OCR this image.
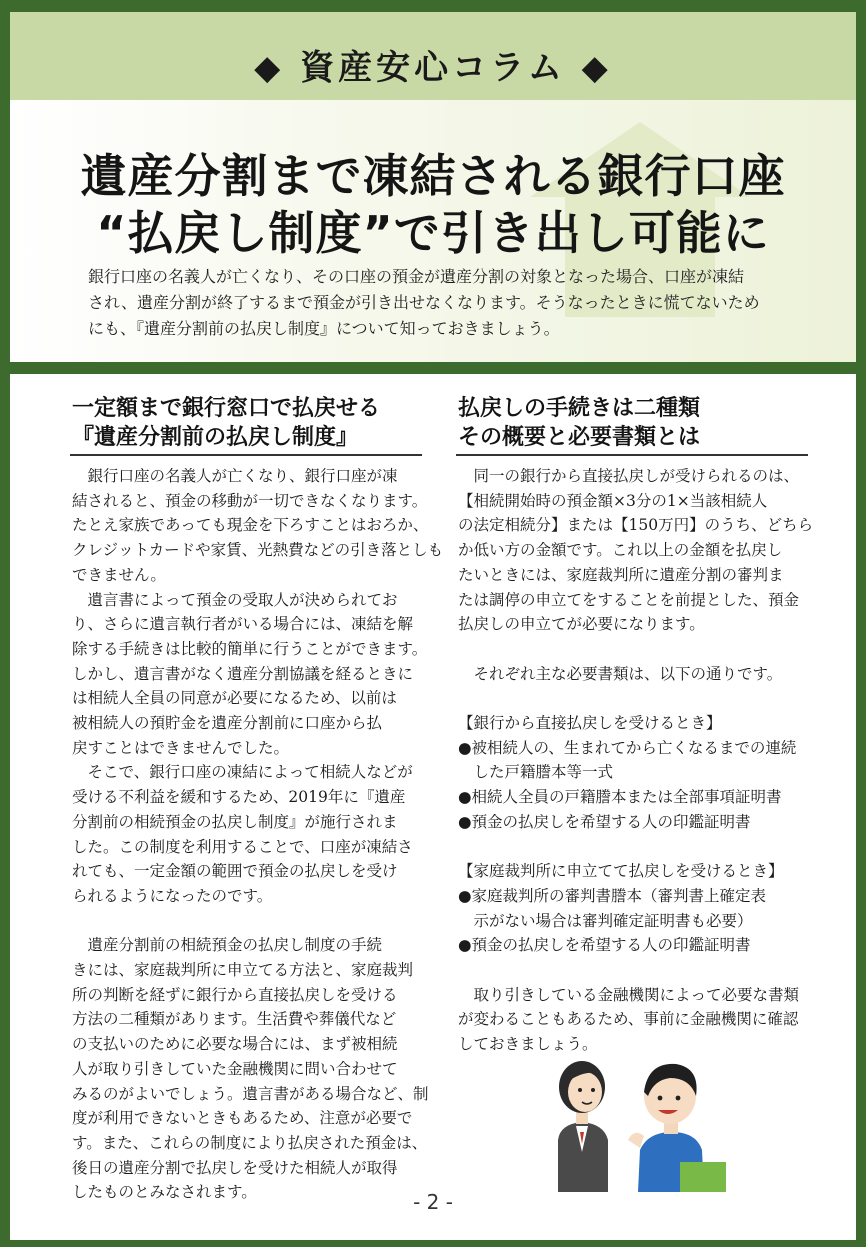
◆ 資産安心コラム ◆
遺産分割まで凍結される銀行口座
“払戻し制度”で引き出し可能に
銀行口座の名義人が亡くなり、その口座の預金が遺産分割の対象となった場合、口座が凍結
され、遺産分割が終了するまで預金が引き出せなくなります。そうなったときに慌てないため
にも、『遺産分割前の払戻し制度』について知っておきましょう。
一定額まで銀行窓口で払戻せる
『遺産分割前の払戻し制度』
　銀行口座の名義人が亡くなり、銀行口座が凍
結されると、預金の移動が一切できなくなります。
たとえ家族であっても現金を下ろすことはおろか、
クレジットカードや家賃、光熱費などの引き落としも
できません。
　遺言書によって預金の受取人が決められてお
り、さらに遺言執行者がいる場合には、凍結を解
除する手続きは比較的簡単に行うことができます。
しかし、遺言書がなく遺産分割協議を経るときに
は相続人全員の同意が必要になるため、以前は
被相続人の預貯金を遺産分割前に口座から払
戻すことはできませんでした。
　そこで、銀行口座の凍結によって相続人などが
受ける不利益を緩和するため、2019年に『遺産
分割前の相続預金の払戻し制度』が施行されま
した。この制度を利用することで、口座が凍結さ
れても、一定金額の範囲で預金の払戻しを受け
られるようになったのです。

　遺産分割前の相続預金の払戻し制度の手続
きには、家庭裁判所に申立てる方法と、家庭裁判
所の判断を経ずに銀行から直接払戻しを受ける
方法の二種類があります。生活費や葬儀代など
の支払いのために必要な場合には、まず被相続
人が取り引きしていた金融機関に問い合わせて
みるのがよいでしょう。遺言書がある場合など、制
度が利用できないときもあるため、注意が必要で
す。また、これらの制度により払戻された預金は、
後日の遺産分割で払戻しを受けた相続人が取得
したものとみなされます。
払戻しの手続きは二種類
その概要と必要書類とは
　同一の銀行から直接払戻しが受けられるのは、
【相続開始時の預金額×3分の1×当該相続人
の法定相続分】または【150万円】のうち、どちら
か低い方の金額です。これ以上の金額を払戻し
たいときには、家庭裁判所に遺産分割の審判ま
たは調停の申立てをすることを前提とした、預金
払戻しの申立てが必要になります。

　それぞれ主な必要書類は、以下の通りです。

【銀行から直接払戻しを受けるとき】
●被相続人の、生まれてから亡くなるまでの連続
　した戸籍謄本等一式
●相続人全員の戸籍謄本または全部事項証明書
●預金の払戻しを希望する人の印鑑証明書

【家庭裁判所に申立てて払戻しを受けるとき】
●家庭裁判所の審判書謄本（審判書上確定表
　示がない場合は審判確定証明書も必要）
●預金の払戻しを希望する人の印鑑証明書

　取り引きしている金融機関によって必要な書類
が変わることもあるため、事前に金融機関に確認
しておきましょう。
- 2 -
